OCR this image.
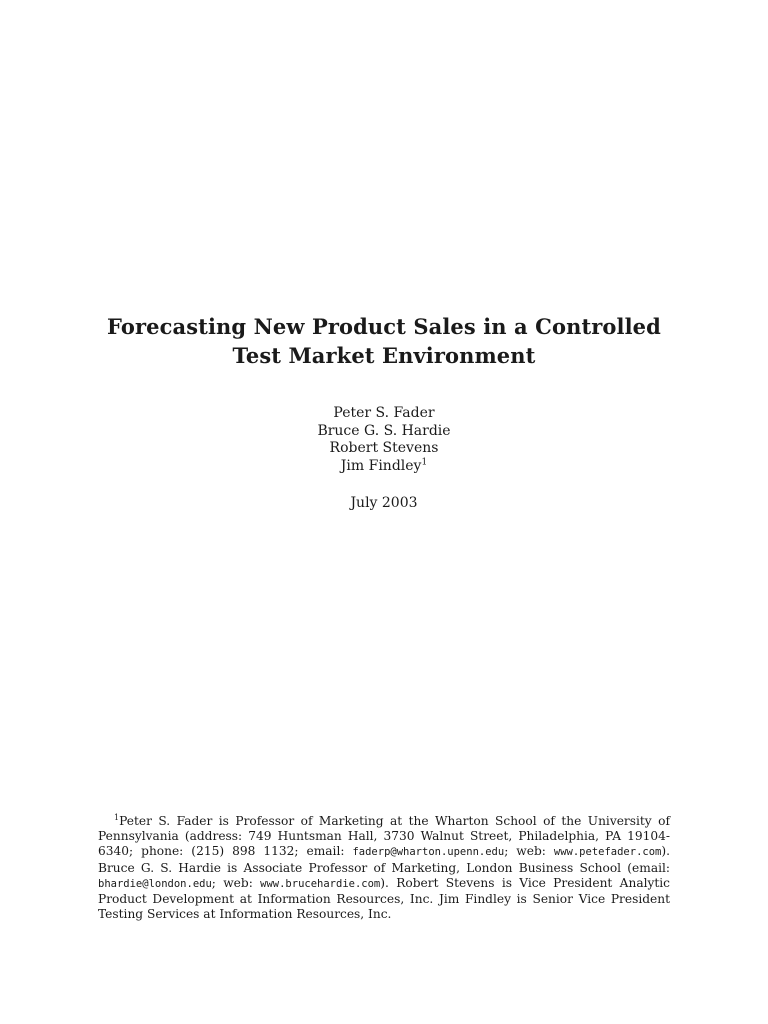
Forecasting New Product Sales in a Controlled
Test Market Environment
Peter S. Fader
Bruce G. S. Hardie
Robert Stevens
Jim Findley$^1$
July 2003
$^1$Peter S. Fader is Professor of Marketing at the Wharton School of the University of Pennsylvania (address: 749 Huntsman Hall, 3730 Walnut Street, Philadelphia, PA 19104-6340; phone: (215) 898 1132; email: faderp@wharton.upenn.edu; web: www.petefader.com). Bruce G. S. Hardie is Associate Professor of Marketing, London Business School (email: bhardie@london.edu; web: www.brucehardie.com). Robert Stevens is Vice President Analytic Product Development at Information Resources, Inc. Jim Findley is Senior Vice President Testing Services at Information Resources, Inc.
